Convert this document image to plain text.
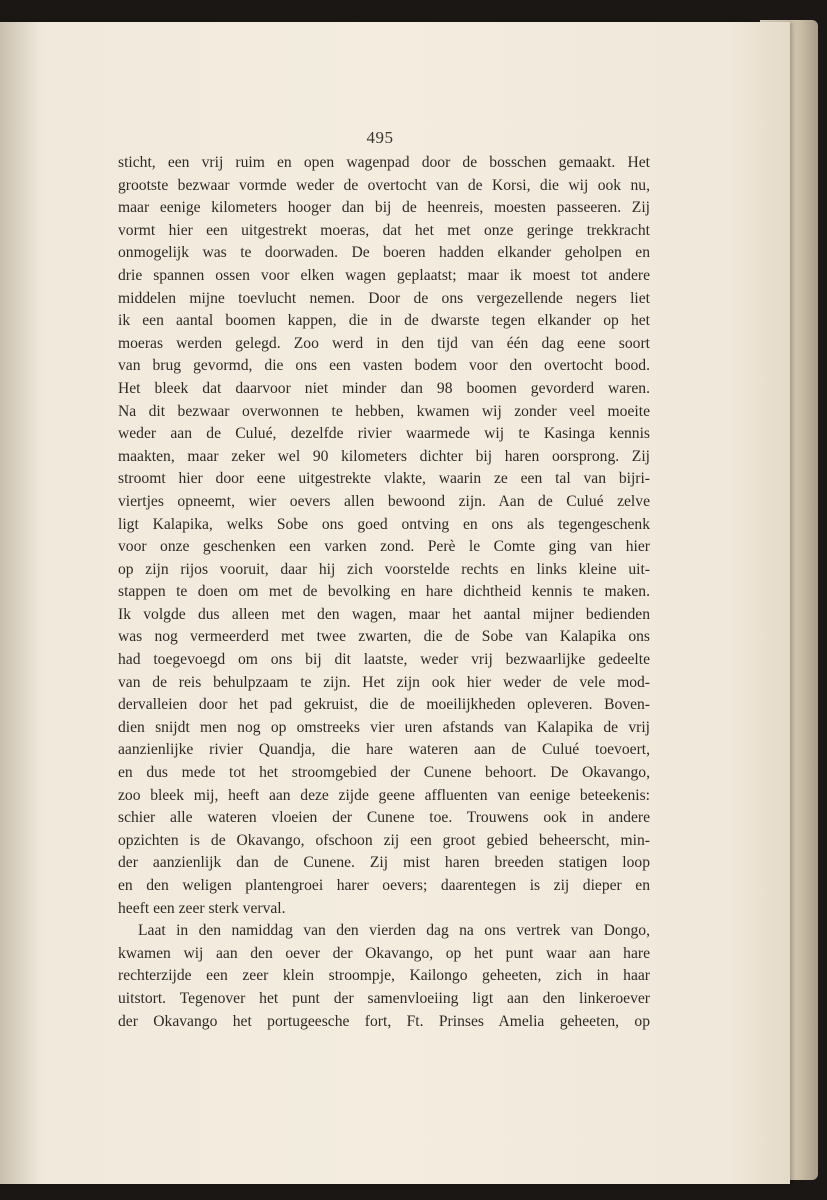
495
sticht, een vrij ruim en open wagenpad door de bosschen gemaakt. Het
grootste bezwaar vormde weder de overtocht van de Korsi, die wij ook nu,
maar eenige kilometers hooger dan bij de heenreis, moesten passeeren. Zij
vormt hier een uitgestrekt moeras, dat het met onze geringe trekkracht
onmogelijk was te doorwaden. De boeren hadden elkander geholpen en
drie spannen ossen voor elken wagen geplaatst; maar ik moest tot andere
middelen mijne toevlucht nemen. Door de ons vergezellende negers liet
ik een aantal boomen kappen, die in de dwarste tegen elkander op het
moeras werden gelegd. Zoo werd in den tijd van één dag eene soort
van brug gevormd, die ons een vasten bodem voor den overtocht bood.
Het bleek dat daarvoor niet minder dan 98 boomen gevorderd waren.
Na dit bezwaar overwonnen te hebben, kwamen wij zonder veel moeite
weder aan de Culué, dezelfde rivier waarmede wij te Kasinga kennis
maakten, maar zeker wel 90 kilometers dichter bij haren oorsprong. Zij
stroomt hier door eene uitgestrekte vlakte, waarin ze een tal van bijri-
viertjes opneemt, wier oevers allen bewoond zijn. Aan de Culué zelve
ligt Kalapika, welks Sobe ons goed ontving en ons als tegengeschenk
voor onze geschenken een varken zond. Perè le Comte ging van hier
op zijn rijos vooruit, daar hij zich voorstelde rechts en links kleine uit-
stappen te doen om met de bevolking en hare dichtheid kennis te maken.
Ik volgde dus alleen met den wagen, maar het aantal mijner bedienden
was nog vermeerderd met twee zwarten, die de Sobe van Kalapika ons
had toegevoegd om ons bij dit laatste, weder vrij bezwaarlijke gedeelte
van de reis behulpzaam te zijn. Het zijn ook hier weder de vele mod-
dervalleien door het pad gekruist, die de moeilijkheden opleveren. Boven-
dien snijdt men nog op omstreeks vier uren afstands van Kalapika de vrij
aanzienlijke rivier Quandja, die hare wateren aan de Culué toevoert,
en dus mede tot het stroomgebied der Cunene behoort. De Okavango,
zoo bleek mij, heeft aan deze zijde geene affluenten van eenige beteekenis:
schier alle wateren vloeien der Cunene toe. Trouwens ook in andere
opzichten is de Okavango, ofschoon zij een groot gebied beheerscht, min-
der aanzienlijk dan de Cunene. Zij mist haren breeden statigen loop
en den weligen plantengroei harer oevers; daarentegen is zij dieper en
heeft een zeer sterk verval.
Laat in den namiddag van den vierden dag na ons vertrek van Dongo,
kwamen wij aan den oever der Okavango, op het punt waar aan hare
rechterzijde een zeer klein stroompje, Kailongo geheeten, zich in haar
uitstort. Tegenover het punt der samenvloeiing ligt aan den linkeroever
der Okavango het portugeesche fort, Ft. Prinses Amelia geheeten, op
